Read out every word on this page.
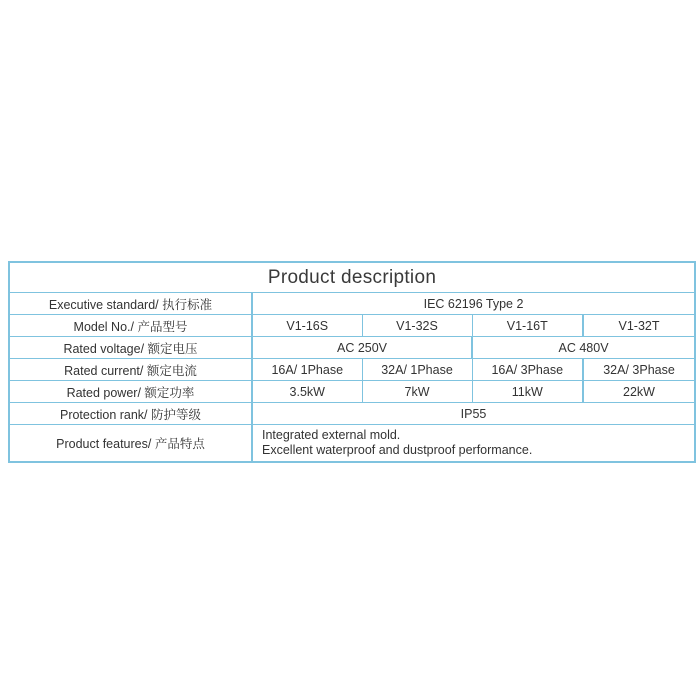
Product description				
Executive standard/ 执行标准	IEC 62196 Type 2			
Model No./ 产品型号	V1-16S	V1-32S	V1-16T	V1-32T
Rated voltage/ 额定电压	AC 250V		AC 480V	
Rated current/ 额定电流	16A/ 1Phase	32A/ 1Phase	16A/ 3Phase	32A/ 3Phase
Rated power/ 额定功率	3.5kW	7kW	11kW	22kW
Protection rank/ 防护等级	IP55			
Product features/ 产品特点	Integrated external mold.
Excellent waterproof and dustproof performance.			
